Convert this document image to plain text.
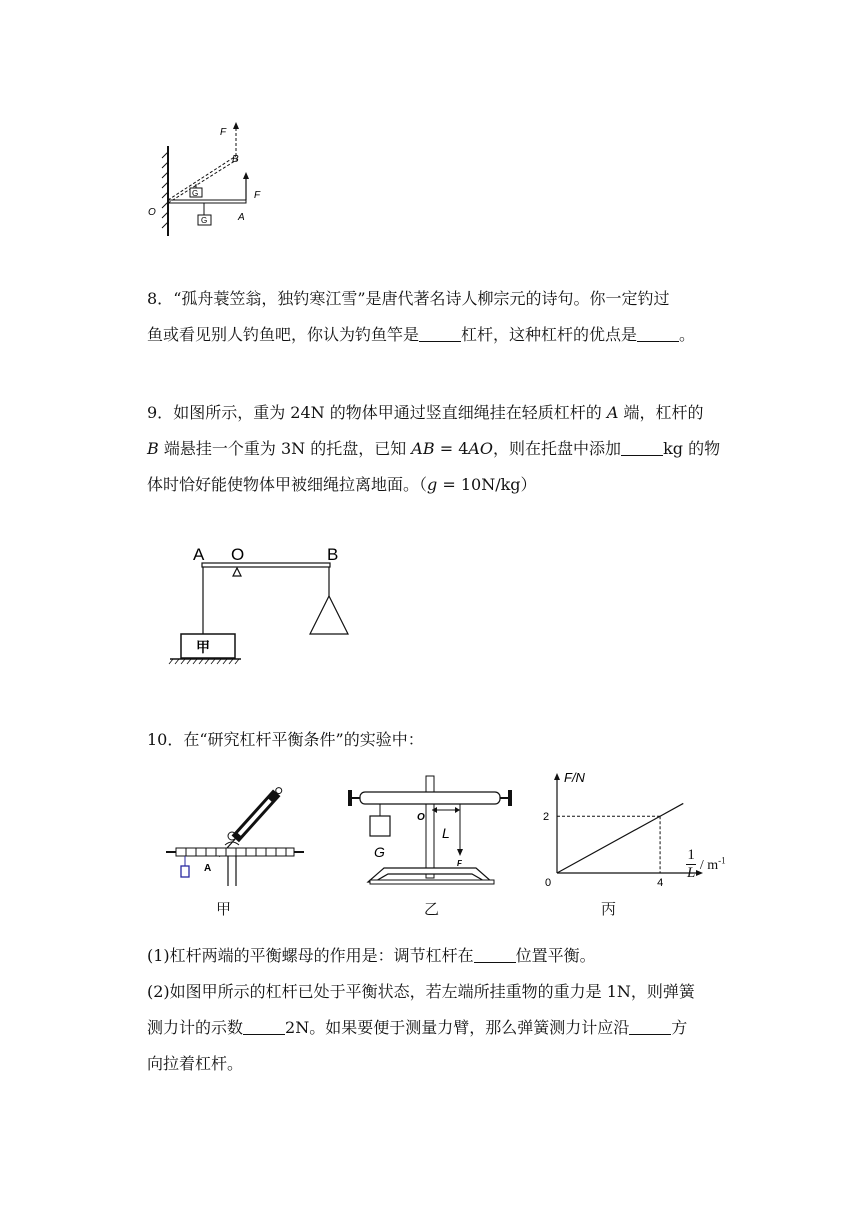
G
G
F
B
F
O	A
8．“孤舟蓑笠翁，独钓寒江雪”是唐代著名诗人柳宗元的诗句。你一定钓过
鱼或看见别人钓鱼吧，你认为钓鱼竿是	杠杆，这种杠杆的优点是	。
9．如图所示，重为 24N 的物体甲通过竖直细绳挂在轻质杠杆的 A 端，杠杆的
B 端悬挂一个重为 3N 的托盘，已知 AB = 4AO，则在托盘中添加	kg 的物
体时恰好能使物体甲被细绳拉离地面。（g = 10N/kg）
A O	B
甲
10．在“研究杠杆平衡条件”的实验中：
A
G
O
L
F
0	4
2
F/N
$\frac{1}{L} / m^{-1}$
甲	乙	丙
(1)杠杆两端的平衡螺母的作用是：调节杠杆在	位置平衡。
(2)如图甲所示的杠杆已处于平衡状态，若左端所挂重物的重力是 1N，则弹簧
测力计的示数	2N。如果要便于测量力臂，那么弹簧测力计应沿	方
向拉着杠杆。
